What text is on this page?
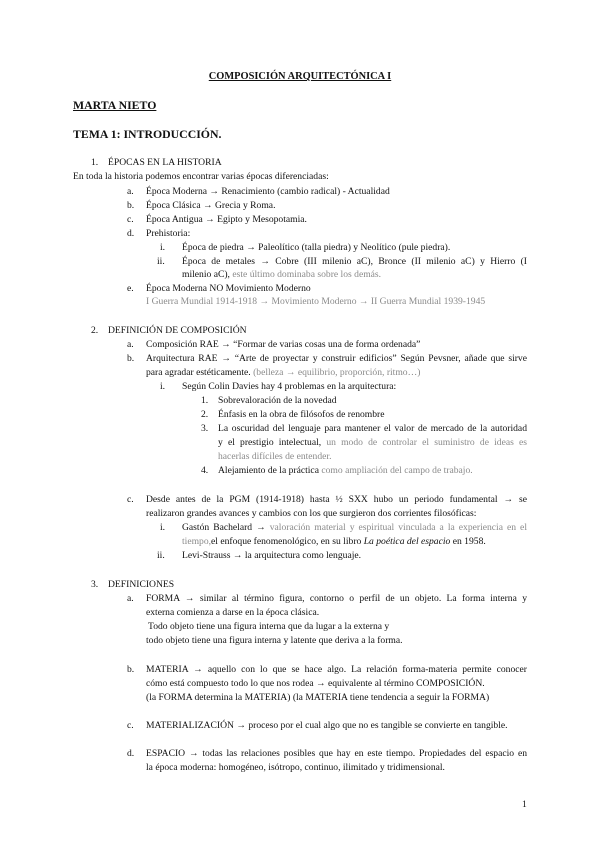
COMPOSICIÓN ARQUITECTÓNICA I
MARTA NIETO
TEMA 1: INTRODUCCIÓN.
1. ÉPOCAS EN LA HISTORIA
En toda la historia podemos encontrar varias épocas diferenciadas:
a. Época Moderna → Renacimiento (cambio radical) - Actualidad
b. Época Clásica → Grecia y Roma.
c. Época Antigua → Egipto y Mesopotamia.
d. Prehistoria:
i. Época de piedra → Paleolítico (talla piedra) y Neolítico (pule piedra).
ii. Época de metales → Cobre (III milenio aC), Bronce (II milenio aC) y Hierro (I
milenio aC), este último dominaba sobre los demás.
e. Época Moderna NO Movimiento Moderno
I Guerra Mundial 1914-1918 → Movimiento Moderno → II Guerra Mundial 1939-1945
2. DEFINICIÓN DE COMPOSICIÓN
a. Composición RAE → “Formar de varias cosas una de forma ordenada”
b. Arquitectura RAE → “Arte de proyectar y construir edificios” Según Pevsner, añade que sirve
para agradar estéticamente. (belleza → equilibrio, proporción, ritmo…)
i. Según Colin Davies hay 4 problemas en la arquitectura:
1. Sobrevaloración de la novedad
2. Énfasis en la obra de filósofos de renombre
3. La oscuridad del lenguaje para mantener el valor de mercado de la autoridad
y el prestigio intelectual, un modo de controlar el suministro de ideas es
hacerlas difíciles de entender.
4. Alejamiento de la práctica como ampliación del campo de trabajo.
c. Desde antes de la PGM (1914-1918) hasta ½ SXX hubo un periodo fundamental → se
realizaron grandes avances y cambios con los que surgieron dos corrientes filosóficas:
i. Gastón Bachelard → valoración material y espiritual vinculada a la experiencia en el
tiempo,el enfoque fenomenológico, en su libro La poética del espacio en 1958.
ii. Levi-Strauss → la arquitectura como lenguaje.
3. DEFINICIONES
a. FORMA → similar al término figura, contorno o perfil de un objeto. La forma interna y
externa comienza a darse en la época clásica.
Todo objeto tiene una figura interna que da lugar a la externa y
todo objeto tiene una figura interna y latente que deriva a la forma.
b. MATERIA → aquello con lo que se hace algo. La relación forma-materia permite conocer
cómo está compuesto todo lo que nos rodea → equivalente al término COMPOSICIÓN.
(la FORMA determina la MATERIA) (la MATERIA tiene tendencia a seguir la FORMA)
c. MATERIALIZACIÓN → proceso por el cual algo que no es tangible se convierte en tangible.
d. ESPACIO → todas las relaciones posibles que hay en este tiempo. Propiedades del espacio en
la época moderna: homogéneo, isótropo, continuo, ilimitado y tridimensional.
1
